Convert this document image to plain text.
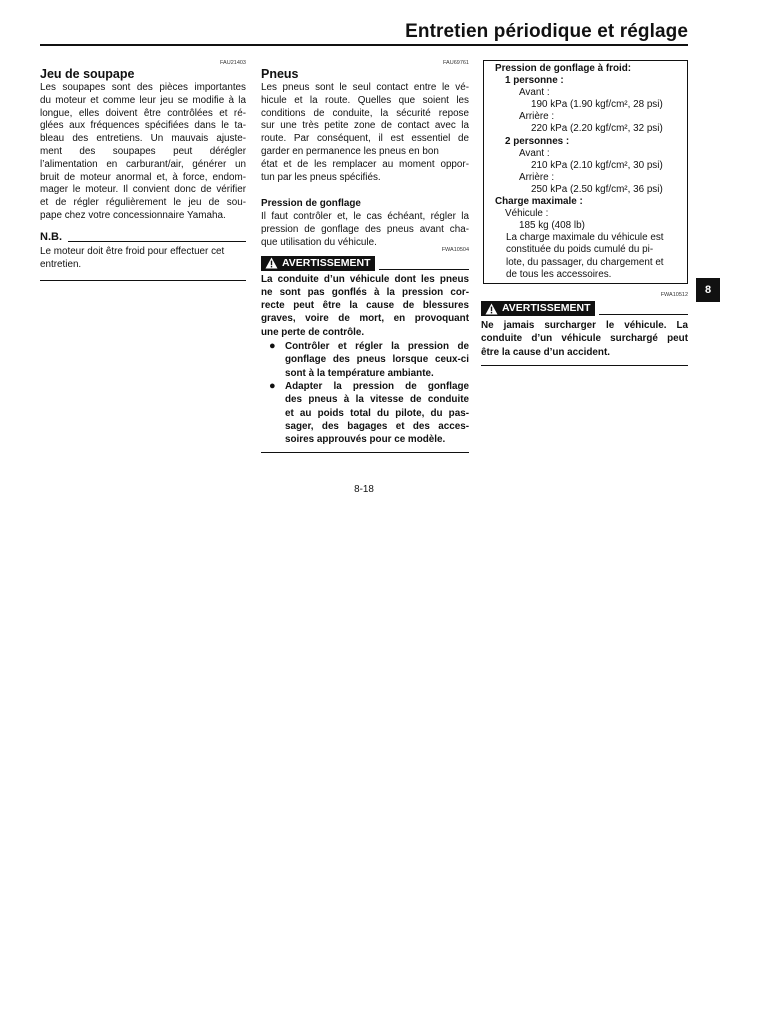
Entretien périodique et réglage
FAU21403
Jeu de soupape

Les soupapes sont des pièces importantes

du moteur et comme leur jeu se modifie à la

longue, elles doivent être contrôlées et ré-

glées aux fréquences spécifiées dans le ta-

bleau des entretiens. Un mauvais ajuste-

ment des soupapes peut dérégler

l’alimentation en carburant/air, générer un

bruit de moteur anormal et, à force, endom-

mager le moteur. Il convient donc de vérifier

et de régler régulièrement le jeu de sou-

pape chez votre concessionnaire Yamaha.

N.B.

Le moteur doit être froid pour effectuer cet

entretien.

FAU69761
Pneus

Les pneus sont le seul contact entre le vé-

hicule et la route. Quelles que soient les

conditions de conduite, la sécurité repose

sur une très petite zone de contact avec la

route. Par conséquent, il est essentiel de

garder en permanence les pneus en bon

état et de les remplacer au moment oppor-

tun par les pneus spécifiés.

Pression de gonflage

Il faut contrôler et, le cas échéant, régler la

pression de gonflage des pneus avant cha-

que utilisation du véhicule.

FWA10504
AVERTISSEMENT

La conduite d’un véhicule dont les pneus

ne sont pas gonflés à la pression cor-

recte peut être la cause de blessures

graves, voire de mort, en provoquant

une perte de contrôle.

● Contrôler et régler la pression de

gonflage des pneus lorsque ceux-ci

sont à la température ambiante.

● Adapter la pression de gonflage

des pneus à la vitesse de conduite

et au poids total du pilote, du pas-

sager, des bagages et des acces-

soires approuvés pour ce modèle.

Pression de gonflage à froid:
1 personne :
Avant :
190 kPa (1.90 kgf/cm², 28 psi)
Arrière :
220 kPa (2.20 kgf/cm², 32 psi)
2 personnes :
Avant :
210 kPa (2.10 kgf/cm², 30 psi)
Arrière :
250 kPa (2.50 kgf/cm², 36 psi)
Charge maximale :
Véhicule :
185 kg (408 lb)
La charge maximale du véhicule est
constituée du poids cumulé du pi-
lote, du passager, du chargement et
de tous les accessoires.
FWA10512
AVERTISSEMENT

Ne jamais surcharger le véhicule. La

conduite d’un véhicule surchargé peut

être la cause d’un accident.

8
8-18
